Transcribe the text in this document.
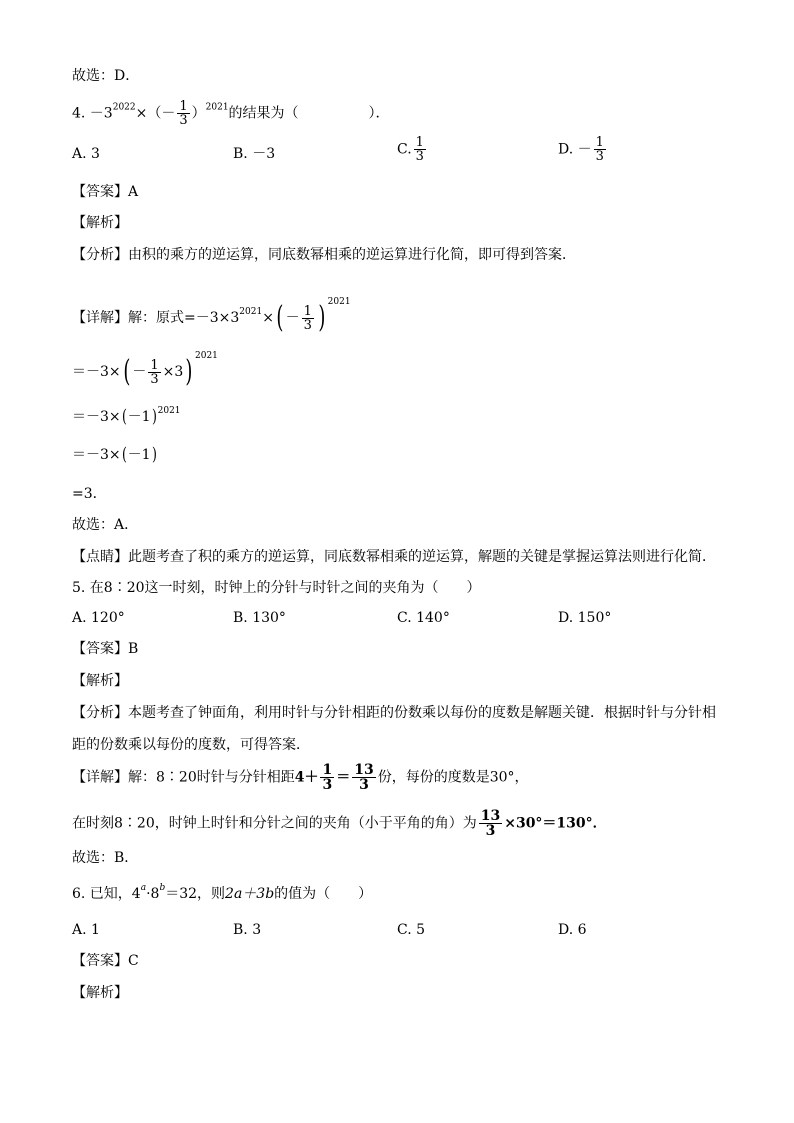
故选：D．
4. $-3^{2022}\times(- \frac{1}{3} )^{2021}$的结果为（　　　　　）．
A. 3	B. －3	C. $\frac{1}{3}$	D. － $\frac{1}{3}$
【答案】A
【解析】
【分析】由积的乘方的逆运算，同底数幂相乘的逆运算进行化简，即可得到答案．
【详解】解：原式$=-3\times 3^{2021}\times( - \frac{1}{3}$ ) $^{2021}$
$=-3\times( - \frac{1}{3} \times 3)$ $^{2021}$
$=-3\times(-1)^{2021}$
＝－3×(－1)
=3．
故选：A．
【点睛】此题考查了积的乘方的逆运算，同底数幂相乘的逆运算，解题的关键是掌握运算法则进行化简．
5. 在8∶20这一时刻，时钟上的分针与时针之间的夹角为（　　）
A. 120°	B. 130°	C. 140°	D. 150°
【答案】B
【解析】
【分析】本题考查了钟面角，利用时针与分针相距的份数乘以每份的度数是解题关键．根据时针与分针相
距的份数乘以每份的度数，可得答案．
【详解】解：8∶20时针与分针相距$4+ \frac{1}{3} = \frac{13}{3}$ 份，每份的度数是30°，
在时刻8∶20，时钟上时针和分针之间的夹角（小于平角的角）为 $\frac{13}{3} \times 30^\circ=130^\circ$．
故选：B．
6. 已知，$4^a\cdot 8^b=32$，则2a＋3b的值为（　　）
A. 1	B. 3	C. 5	D. 6
【答案】C
【解析】
